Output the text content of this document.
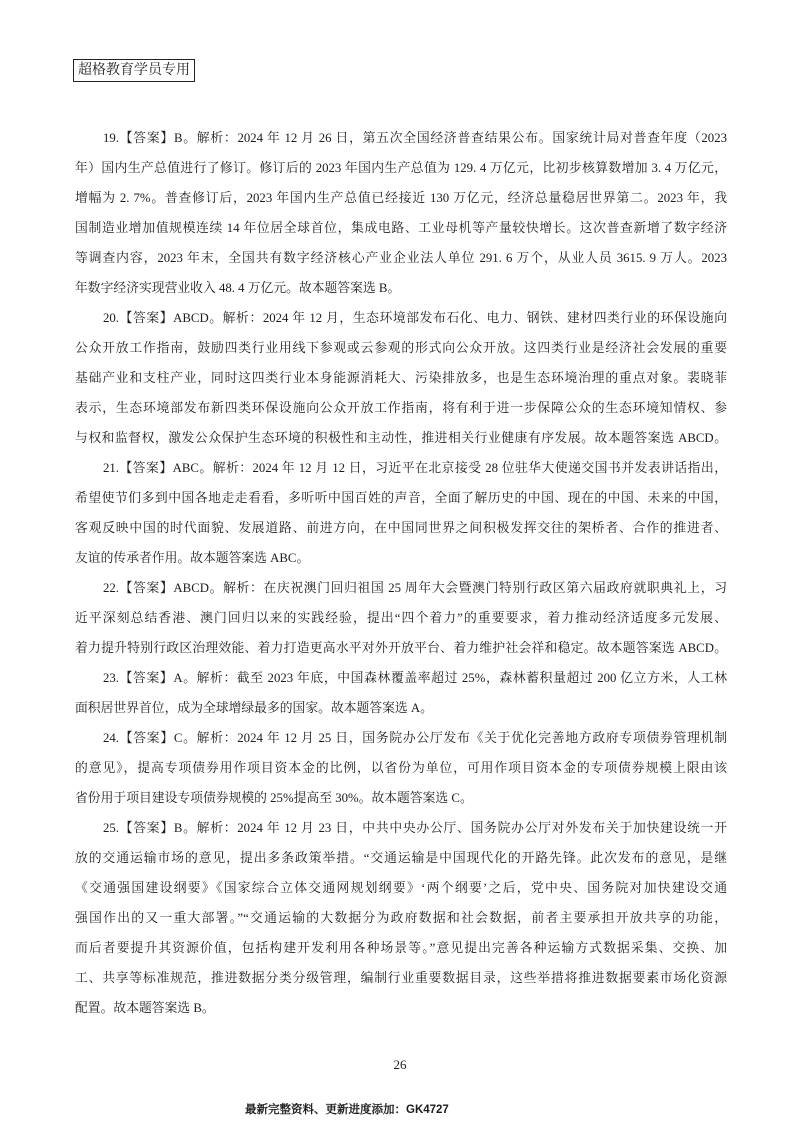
超格教育学员专用
19.【答案】B。解析：2024 年 12 月 26 日，第五次全国经济普查结果公布。国家统计局对普查年度（2023
年）国内生产总值进行了修订。修订后的 2023 年国内生产总值为 129. 4 万亿元，比初步核算数增加 3. 4 万亿元，
增幅为 2. 7%。普查修订后，2023 年国内生产总值已经接近 130 万亿元，经济总量稳居世界第二。2023 年，我
国制造业增加值规模连续 14 年位居全球首位，集成电路、工业母机等产量较快增长。这次普查新增了数字经济
等调查内容，2023 年末，全国共有数字经济核心产业企业法人单位 291. 6 万个，从业人员 3615. 9 万人。2023
年数字经济实现营业收入 48. 4 万亿元。故本题答案选 B。
20.【答案】ABCD。解析：2024 年 12 月，生态环境部发布石化、电力、钢铁、建材四类行业的环保设施向
公众开放工作指南，鼓励四类行业用线下参观或云参观的形式向公众开放。这四类行业是经济社会发展的重要
基础产业和支柱产业，同时这四类行业本身能源消耗大、污染排放多，也是生态环境治理的重点对象。裴晓菲
表示，生态环境部发布新四类环保设施向公众开放工作指南，将有利于进一步保障公众的生态环境知情权、参
与权和监督权，激发公众保护生态环境的积极性和主动性，推进相关行业健康有序发展。故本题答案选 ABCD。
21.【答案】ABC。解析：2024 年 12 月 12 日，习近平在北京接受 28 位驻华大使递交国书并发表讲话指出，
希望使节们多到中国各地走走看看，多听听中国百姓的声音，全面了解历史的中国、现在的中国、未来的中国，
客观反映中国的时代面貌、发展道路、前进方向，在中国同世界之间积极发挥交往的架桥者、合作的推进者、
友谊的传承者作用。故本题答案选 ABC。
22.【答案】ABCD。解析：在庆祝澳门回归祖国 25 周年大会暨澳门特别行政区第六届政府就职典礼上，习
近平深刻总结香港、澳门回归以来的实践经验，提出“四个着力”的重要要求，着力推动经济适度多元发展、
着力提升特别行政区治理效能、着力打造更高水平对外开放平台、着力维护社会祥和稳定。故本题答案选 ABCD。
23.【答案】A。解析：截至 2023 年底，中国森林覆盖率超过 25%，森林蓄积量超过 200 亿立方米，人工林
面积居世界首位，成为全球增绿最多的国家。故本题答案选 A。
24.【答案】C。解析：2024 年 12 月 25 日，国务院办公厅发布《关于优化完善地方政府专项债券管理机制
的意见》，提高专项债券用作项目资本金的比例，以省份为单位，可用作项目资本金的专项债券规模上限由该
省份用于项目建设专项债券规模的 25%提高至 30%。故本题答案选 C。
25.【答案】B。解析：2024 年 12 月 23 日，中共中央办公厅、国务院办公厅对外发布关于加快建设统一开
放的交通运输市场的意见，提出多条政策举措。“交通运输是中国现代化的开路先锋。此次发布的意见，是继
《交通强国建设纲要》《国家综合立体交通网规划纲要》‘两个纲要’之后，党中央、国务院对加快建设交通
强国作出的又一重大部署。”“交通运输的大数据分为政府数据和社会数据，前者主要承担开放共享的功能，
而后者要提升其资源价值，包括构建开发利用各种场景等。”意见提出完善各种运输方式数据采集、交换、加
工、共享等标准规范，推进数据分类分级管理，编制行业重要数据目录，这些举措将推进数据要素市场化资源
配置。故本题答案选 B。
26
最新完整资料、更新进度添加：GK4727
